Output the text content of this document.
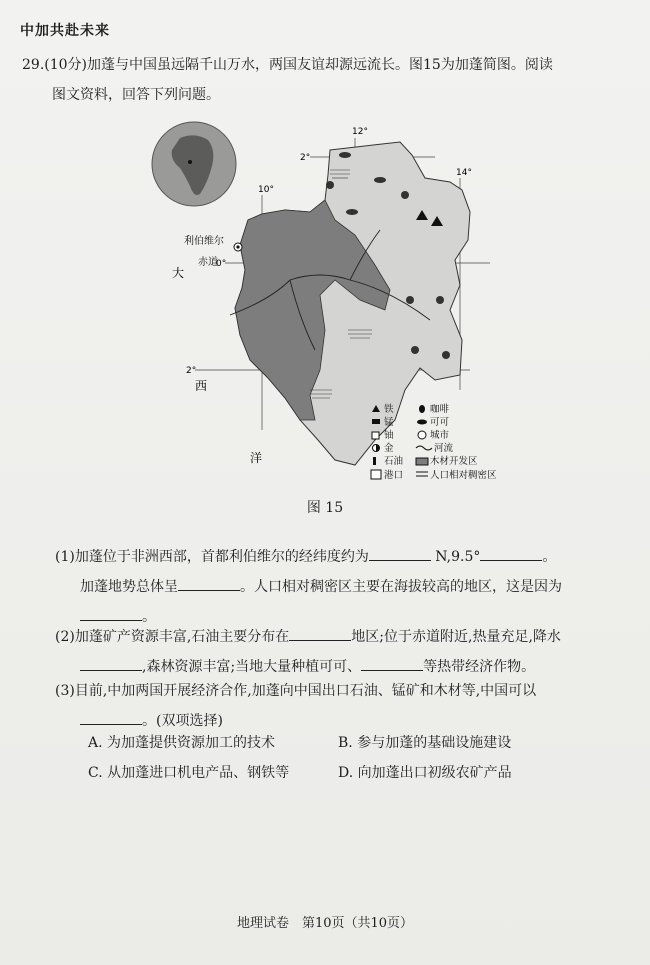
中加共赴未来
29.(10分)加蓬与中国虽远隔千山万水，两国友谊却源远流长。图15为加蓬简图。阅读
图文资料，回答下列问题。
利伯维尔
赤道
2°
0°
2°
10°
12°
14°
大
西
洋
铁	咖啡
锰	可可
铀	城市
金	河流
石油	木材开发区
港口	人口相对稠密区
图 15
(1)加蓬位于非洲西部，首都利伯维尔的经纬度约为	N,9.5°	。
加蓬地势总体呈	。人口相对稠密区主要在海拔较高的地区，这是因为
。
(2)加蓬矿产资源丰富,石油主要分布在	地区;位于赤道附近,热量充足,降水
,森林资源丰富;当地大量种植可可、	等热带经济作物。
(3)目前,中加两国开展经济合作,加蓬向中国出口石油、锰矿和木材等,中国可以
。(双项选择)
A. 为加蓬提供资源加工的技术	B. 参与加蓬的基础设施建设
C. 从加蓬进口机电产品、钢铁等	D. 向加蓬出口初级农矿产品
地理试卷　第10页（共10页）
